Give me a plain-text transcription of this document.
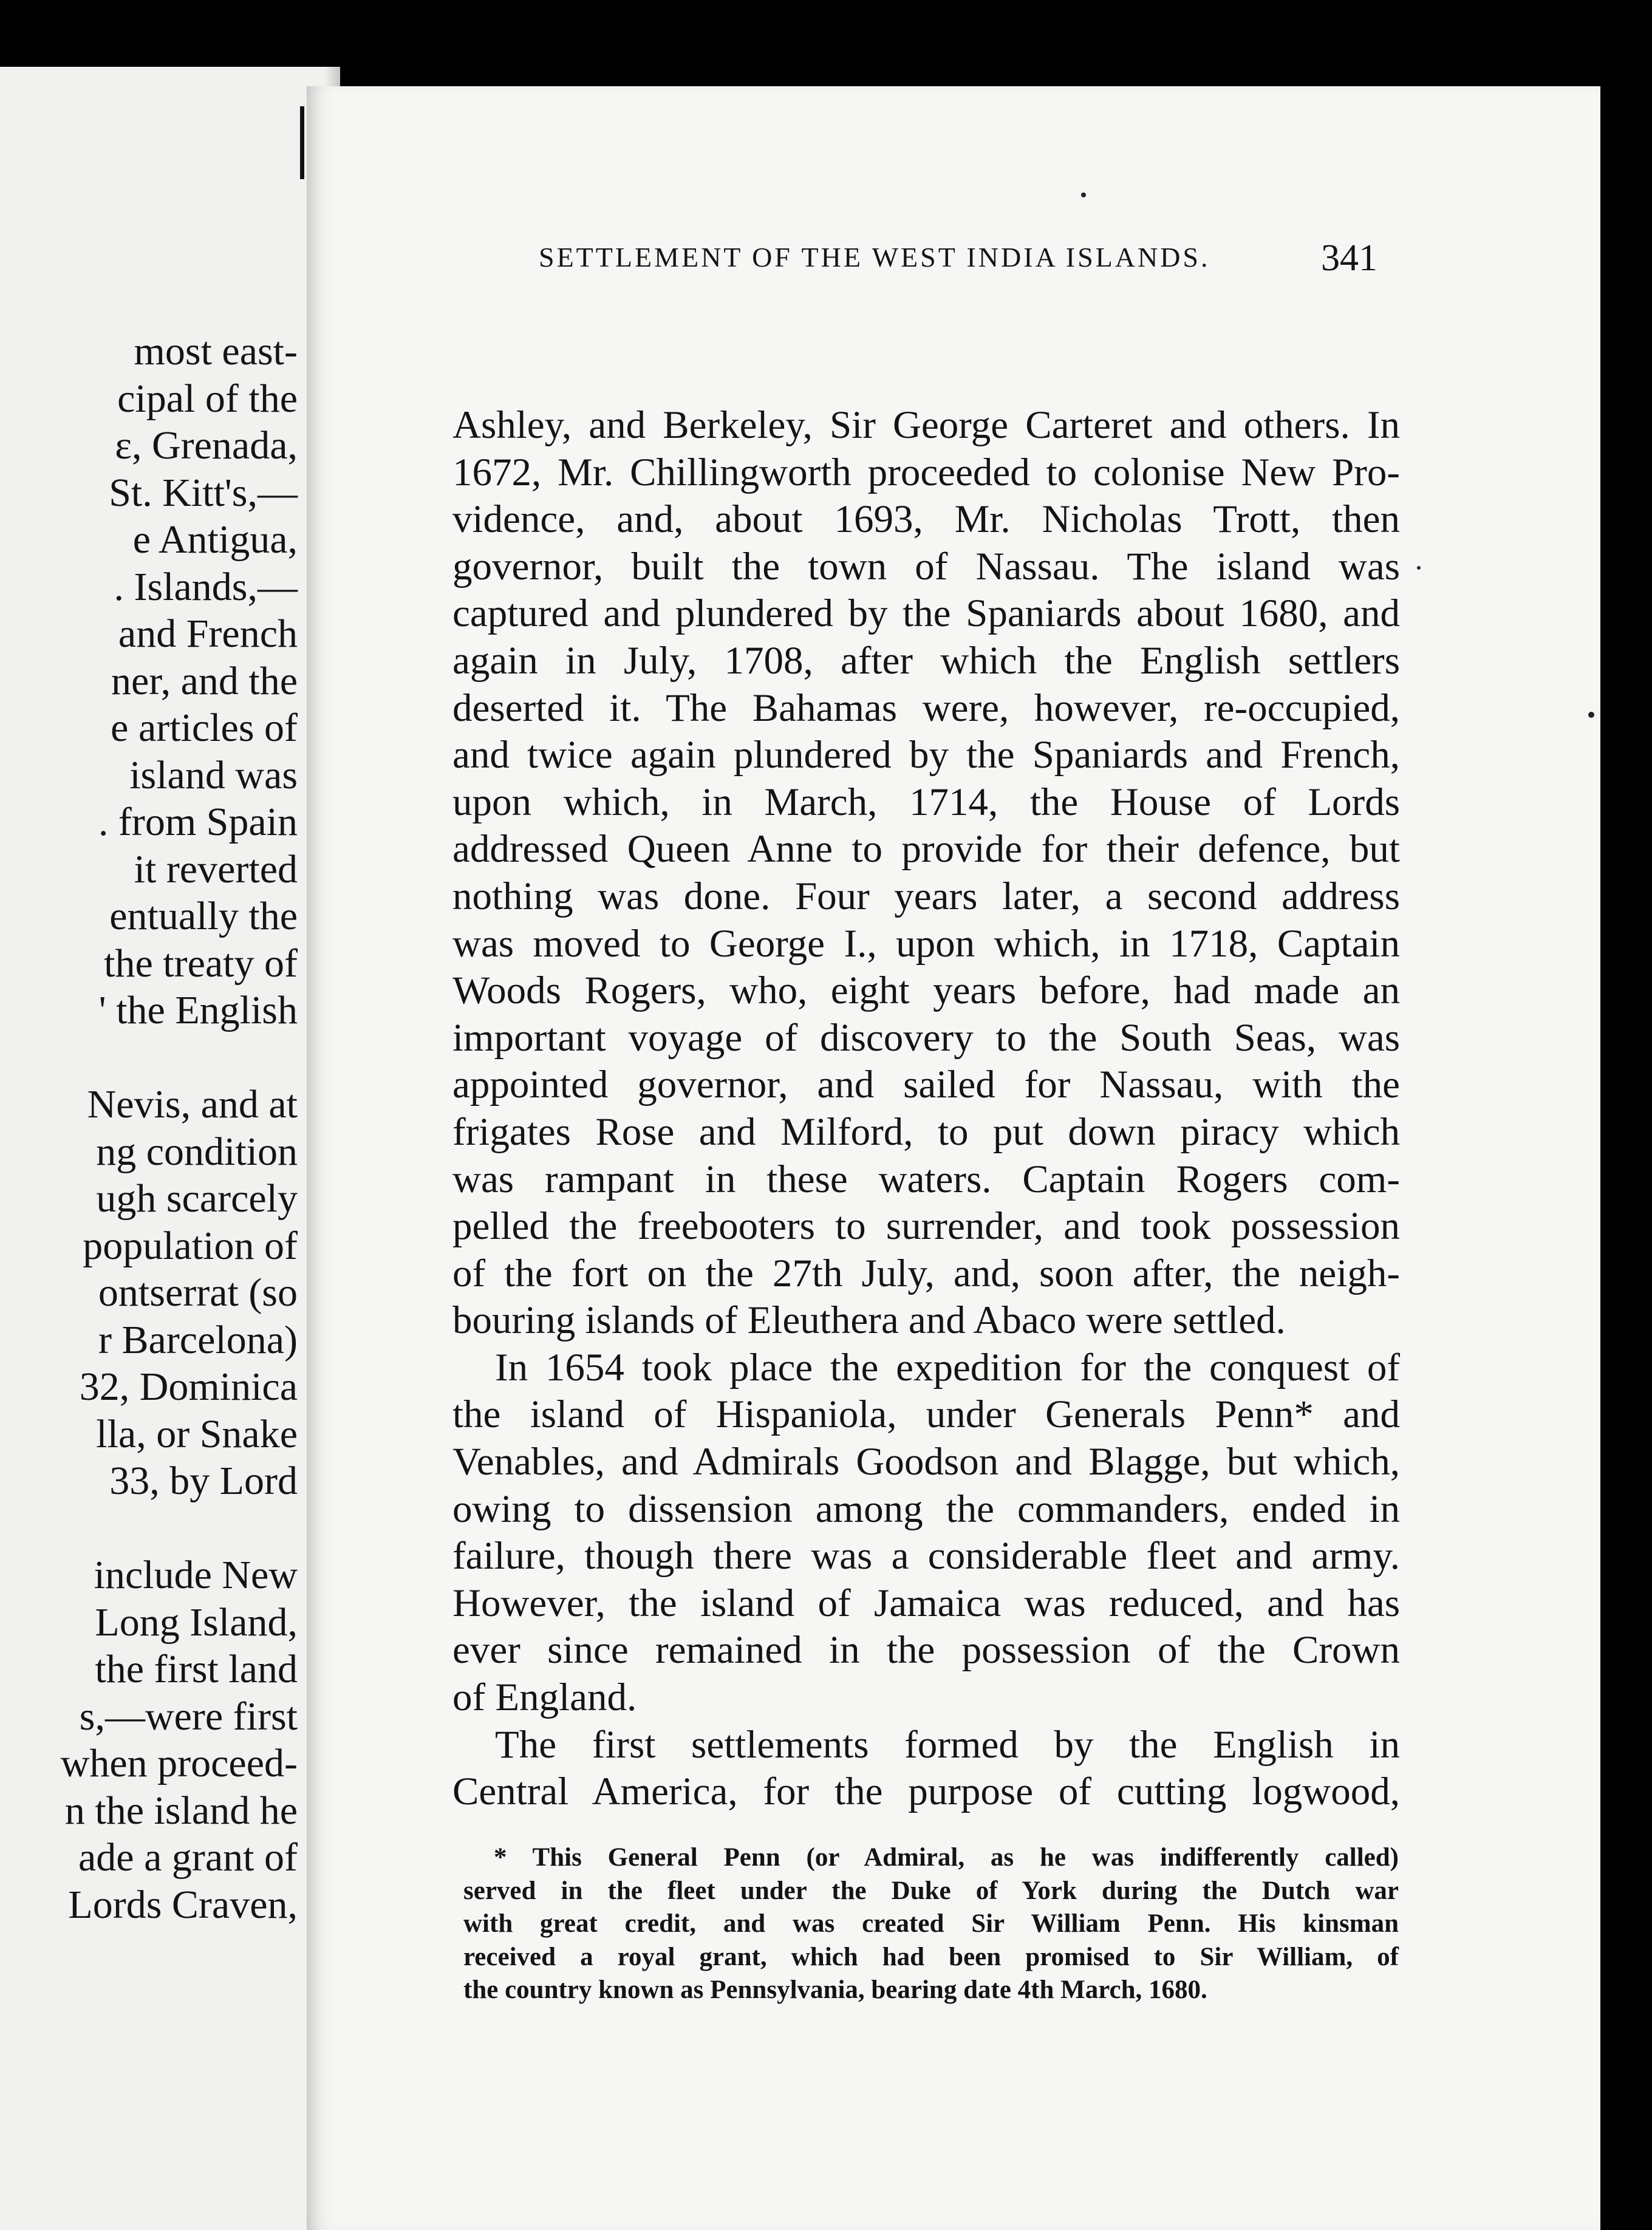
most east-
cipal of the
ɛ, Grenada,
St. Kitt's,—
e Antigua,
. Islands,—
and French
ner, and the
e articles of
island was
. from Spain
it reverted
entually the
the treaty of
' the English
Nevis, and at
ng condition
ugh scarcely
population of
ontserrat (so
r Barcelona)
32, Dominica
lla, or Snake
33, by Lord
include New
Long Island,
the first land
s,—were first
when proceed-
n the island he
ade a grant of
Lords Craven,
SETTLEMENT OF THE WEST INDIA ISLANDS.	341
Ashley, and Berkeley, Sir George Carteret and others. In
1672, Mr. Chillingworth proceeded to colonise New Pro-
vidence, and, about 1693, Mr. Nicholas Trott, then
governor, built the town of Nassau. The island was
captured and plundered by the Spaniards about 1680, and
again in July, 1708, after which the English settlers
deserted it. The Bahamas were, however, re-occupied,
and twice again plundered by the Spaniards and French,
upon which, in March, 1714, the House of Lords
addressed Queen Anne to provide for their defence, but
nothing was done. Four years later, a second address
was moved to George I., upon which, in 1718, Captain
Woods Rogers, who, eight years before, had made an
important voyage of discovery to the South Seas, was
appointed governor, and sailed for Nassau, with the
frigates Rose and Milford, to put down piracy which
was rampant in these waters. Captain Rogers com-
pelled the freebooters to surrender, and took possession
of the fort on the 27th July, and, soon after, the neigh-
bouring islands of Eleuthera and Abaco were settled.
In 1654 took place the expedition for the conquest of
the island of Hispaniola, under Generals Penn* and
Venables, and Admirals Goodson and Blagge, but which,
owing to dissension among the commanders, ended in
failure, though there was a considerable fleet and army.
However, the island of Jamaica was reduced, and has
ever since remained in the possession of the Crown
of England.
The first settlements formed by the English in
Central America, for the purpose of cutting logwood,
* This General Penn (or Admiral, as he was indifferently called)
served in the fleet under the Duke of York during the Dutch war
with great credit, and was created Sir William Penn. His kinsman
received a royal grant, which had been promised to Sir William, of
the country known as Pennsylvania, bearing date 4th March, 1680.
